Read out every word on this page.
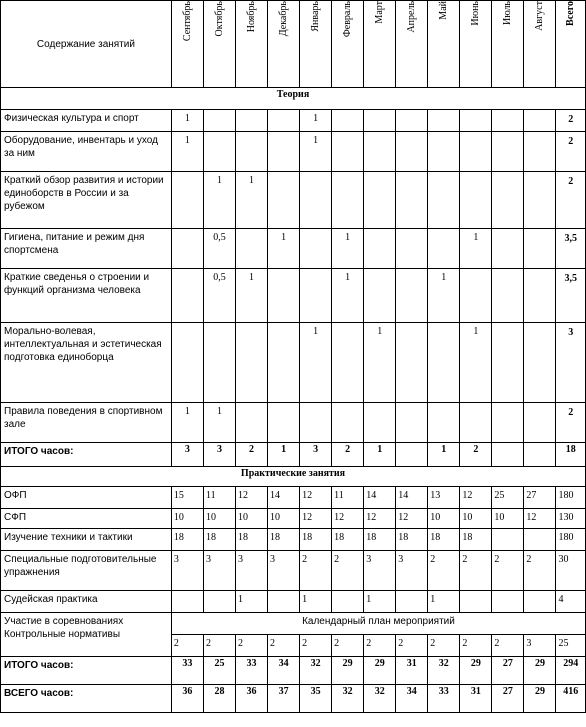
Содержание занятий	Сентябрь	Октябрь	Ноябрь	Декабрь	Январь	Февраль	Март	Апрель	Май	Июнь	Июль	Август	Всего

Теория													
Физическая культура и спорт	1				1								2
Оборудование, инвентарь и уход за ним	1				1								2
Краткий обзор развития и истории единоборств в России и за рубежом		1	1										2
Гигиена, питание и режим дня спортсмена		0,5		1		1				1			3,5
Краткие сведенья о строении и функций организма человека		0,5	1			1			1				3,5
Морально-волевая, интеллектуальная и эстетическая подготовка единоборца					1		1			1			3
Правила поведения в спортивном зале	1	1											2
ИТОГО часов:	3	3	2	1	3	2	1		1	2			18
Практические занятия													
ОФП	15	11	12	14	12	11	14	14	13	12	25	27	180
СФП	10	10	10	10	12	12	12	12	10	10	10	12	130
Изучение техники и тактики	18	18	18	18	18	18	18	18	18	18			180
Специальные подготовительные упражнения	3	3	3	3	2	2	3	3	2	2	2	2	30
Судейская практика			1		1		1		1				4

Участие в соревнованиях
Контрольные нормативы	Календарный план мероприятий												
	2	2	2	2	2	2	2	2	2	2	2	3	25
ИТОГО часов:	33	25	33	34	32	29	29	31	32	29	27	29	294
ВСЕГО часов:	36	28	36	37	35	32	32	34	33	31	27	29	416
